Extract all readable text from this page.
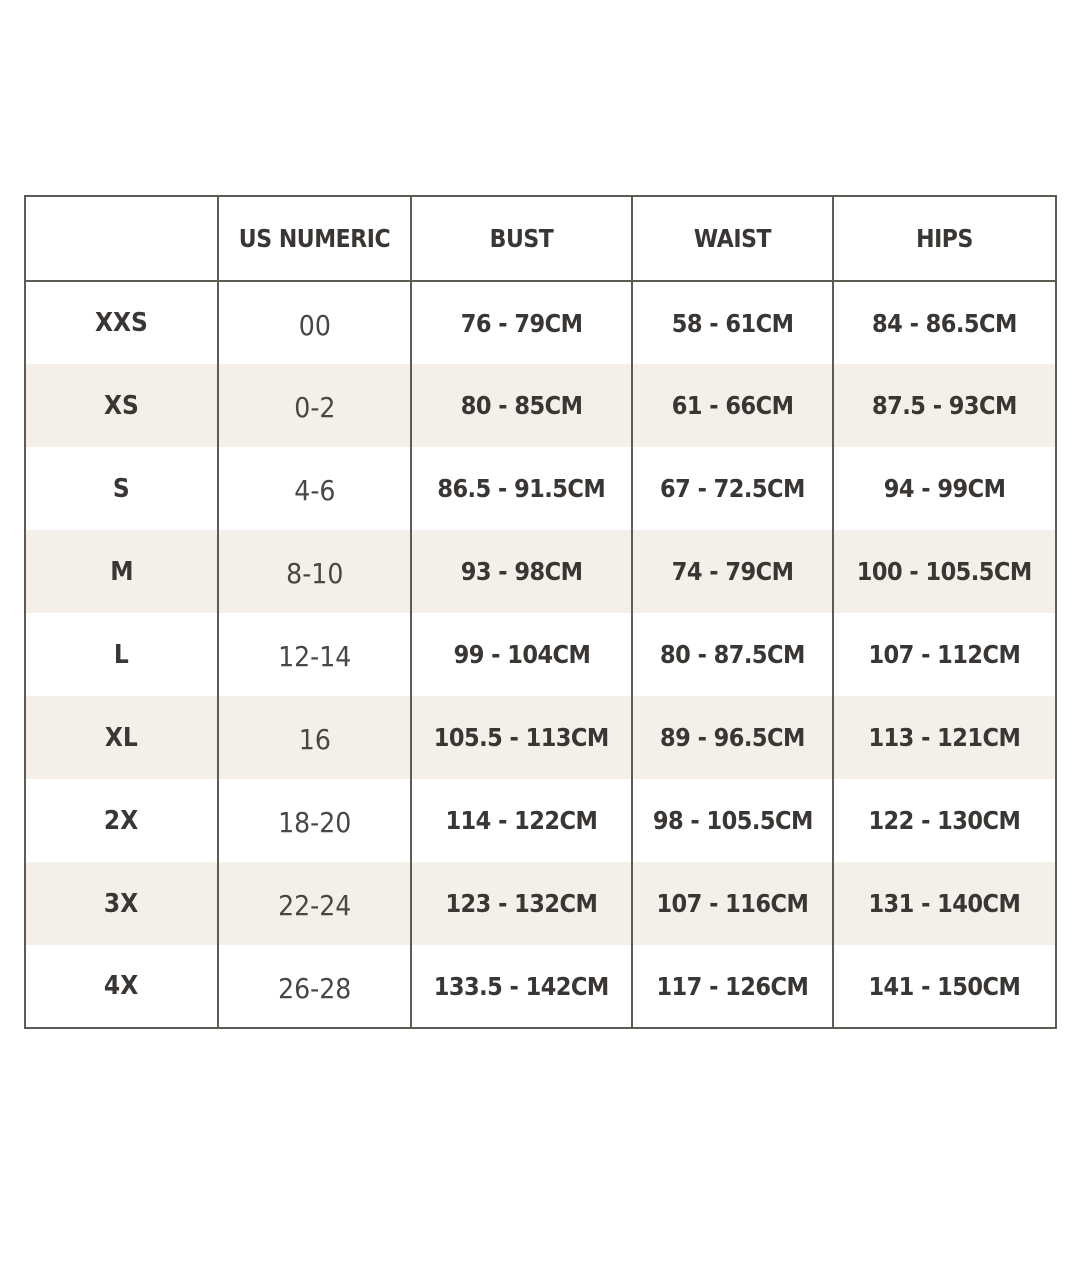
	US NUMERIC	BUST	WAIST	HIPS
XXS	00	76 - 79CM	58 - 61CM	84 - 86.5CM
XS	0-2	80 - 85CM	61 - 66CM	87.5 - 93CM
S	4-6	86.5 - 91.5CM	67 - 72.5CM	94 - 99CM
M	8-10	93 - 98CM	74 - 79CM	100 - 105.5CM
L	12-14	99 - 104CM	80 - 87.5CM	107 - 112CM
XL	16	105.5 - 113CM	89 - 96.5CM	113 - 121CM
2X	18-20	114 - 122CM	98 - 105.5CM	122 - 130CM
3X	22-24	123 - 132CM	107 - 116CM	131 - 140CM
4X	26-28	133.5 - 142CM	117 - 126CM	141 - 150CM
